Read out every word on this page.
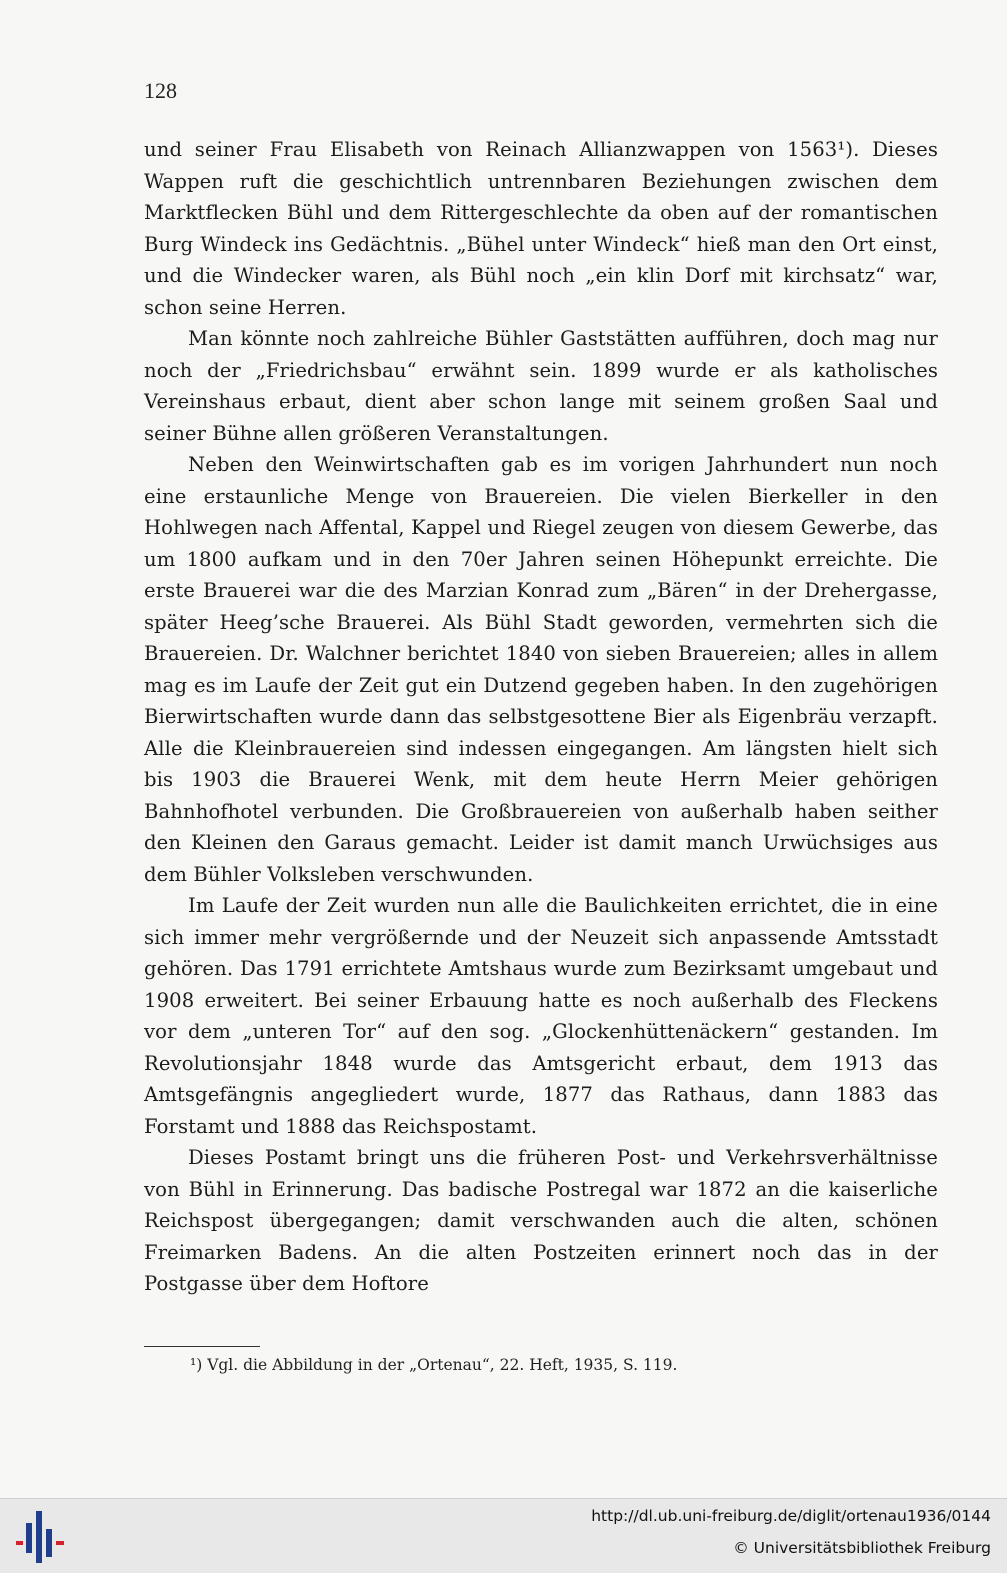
128

und seiner Frau Elisabeth von Reinach Allianzwappen von 1563¹). Dieses Wappen ruft die geschichtlich untrennbaren Beziehungen zwischen dem Marktflecken Bühl und dem Rittergeschlechte da oben auf der romantischen Burg Windeck ins Gedächtnis. „Bühel unter Windeck“ hieß man den Ort einst, und die Windecker waren, als Bühl noch „ein klin Dorf mit kirchsatz“ war, schon seine Herren.

Man könnte noch zahlreiche Bühler Gaststätten aufführen, doch mag nur noch der „Friedrichsbau“ erwähnt sein. 1899 wurde er als katholisches Vereinshaus erbaut, dient aber schon lange mit seinem großen Saal und seiner Bühne allen größeren Veranstaltungen.

Neben den Weinwirtschaften gab es im vorigen Jahrhundert nun noch eine erstaunliche Menge von Brauereien. Die vielen Bierkeller in den Hohlwegen nach Affental, Kappel und Riegel zeugen von diesem Gewerbe, das um 1800 aufkam und in den 70er Jahren seinen Höhepunkt erreichte. Die erste Brauerei war die des Marzian Konrad zum „Bären“ in der Drehergasse, später Heeg’sche Brauerei. Als Bühl Stadt geworden, vermehrten sich die Brauereien. Dr. Walchner berichtet 1840 von sieben Brauereien; alles in allem mag es im Laufe der Zeit gut ein Dutzend gegeben haben. In den zugehörigen Bierwirtschaften wurde dann das selbstgesottene Bier als Eigenbräu verzapft. Alle die Kleinbrauereien sind indessen eingegangen. Am längsten hielt sich bis 1903 die Brauerei Wenk, mit dem heute Herrn Meier gehörigen Bahnhofhotel verbunden. Die Großbrauereien von außerhalb haben seither den Kleinen den Garaus gemacht. Leider ist damit manch Urwüchsiges aus dem Bühler Volksleben verschwunden.

Im Laufe der Zeit wurden nun alle die Baulichkeiten errichtet, die in eine sich immer mehr vergrößernde und der Neuzeit sich anpassende Amtsstadt gehören. Das 1791 errichtete Amtshaus wurde zum Bezirksamt umgebaut und 1908 erweitert. Bei seiner Erbauung hatte es noch außerhalb des Fleckens vor dem „unteren Tor“ auf den sog. „Glockenhüttenäckern“ gestanden. Im Revolutionsjahr 1848 wurde das Amtsgericht erbaut, dem 1913 das Amtsgefängnis angegliedert wurde, 1877 das Rathaus, dann 1883 das Forstamt und 1888 das Reichspostamt.

Dieses Postamt bringt uns die früheren Post- und Verkehrsverhältnisse von Bühl in Erinnerung. Das badische Postregal war 1872 an die kaiserliche Reichspost übergegangen; damit verschwanden auch die alten, schönen Freimarken Badens. An die alten Postzeiten erinnert noch das in der Postgasse über dem Hoftore

¹) Vgl. die Abbildung in der „Ortenau“, 22. Heft, 1935, S. 119.
http://dl.ub.uni-freiburg.de/diglit/ortenau1936/0144
© Universitätsbibliothek Freiburg
